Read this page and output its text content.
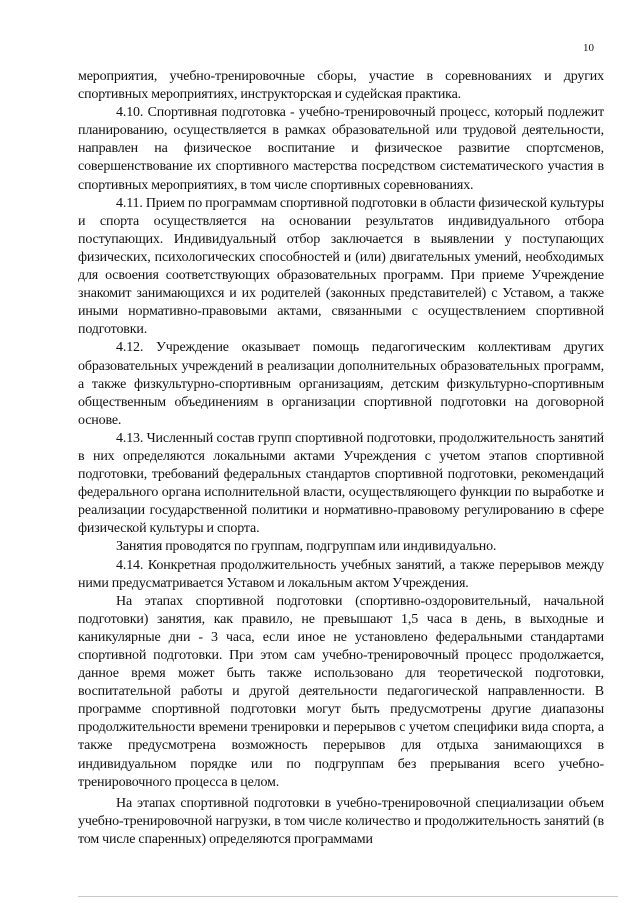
10

мероприятия, учебно-тренировочные сборы, участие в соревнованиях и других спортивных мероприятиях, инструкторская и судейская практика.

4.10. Спортивная подготовка - учебно-тренировочный процесс, который подлежит планированию, осуществляется в рамках образовательной или трудовой деятельности, направлен на физическое воспитание и физическое развитие спортсменов, совершенствование их спортивного мастерства посредством систематического участия в спортивных мероприятиях, в том числе спортивных соревнованиях.

4.11. Прием по программам спортивной подготовки в области физической культуры и спорта осуществляется на основании результатов индивидуального отбора поступающих. Индивидуальный отбор заключается в выявлении у поступающих физических, психологических способностей и (или) двигательных умений, необходимых для освоения соответствующих образовательных программ. При приеме Учреждение знакомит занимающихся и их родителей (законных представителей) с Уставом, а также иными нормативно-правовыми актами, связанными с осуществлением спортивной подготовки.

4.12. Учреждение оказывает помощь педагогическим коллективам других образовательных учреждений в реализации дополнительных образовательных программ, а также физкультурно-спортивным организациям, детским физкультурно-спортивным общественным объединениям в организации спортивной подготовки на договорной основе.

4.13. Численный состав групп спортивной подготовки, продолжительность занятий в них определяются локальными актами Учреждения с учетом этапов спортивной подготовки, требований федеральных стандартов спортивной подготовки, рекомендаций федерального органа исполнительной власти, осуществляющего функции по выработке и реализации государственной политики и нормативно-правовому регулированию в сфере физической культуры и спорта.

Занятия проводятся по группам, подгруппам или индивидуально.

4.14. Конкретная продолжительность учебных занятий, а также перерывов между ними предусматривается Уставом и локальным актом Учреждения.

На этапах спортивной подготовки (спортивно-оздоровительный, начальной подготовки) занятия, как правило, не превышают 1,5 часа в день, в выходные и каникулярные дни - 3 часа, если иное не установлено федеральными стандартами спортивной подготовки. При этом сам учебно-тренировочный процесс продолжается, данное время может быть также использовано для теоретической подготовки, воспитательной работы и другой деятельности педагогической направленности. В программе спортивной подготовки могут быть предусмотрены другие диапазоны продолжительности времени тренировки и перерывов с учетом специфики вида спорта, а также предусмотрена возможность перерывов для отдыха занимающихся в индивидуальном порядке или по подгруппам без прерывания всего учебно-тренировочного процесса в целом.

На этапах спортивной подготовки в учебно-тренировочной специализации объем учебно-тренировочной нагрузки, в том числе количество и продолжительность занятий (в том числе спаренных) определяются программами
